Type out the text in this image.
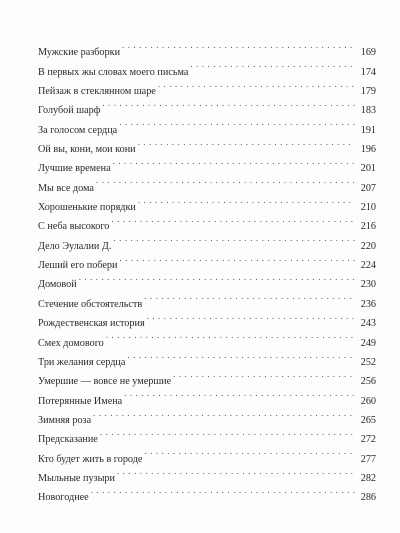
Мужские разборки . . .	169
В первых жы словах моего письма . . .	174
Пейзаж в стеклянном шаре . . .	179
Голубой шарф . . .	183
За голосом сердца . . .	191
Ой вы, кони, мои кони . . .	196
Лучшие времена . . .	201
Мы все дома . . .	207
Хорошенькие порядки . . .	210
С неба высокого . . .	216
Дело Эулалии Д. . . .	220
Леший его побери . . .	224
Домовой . . .	230
Стечение обстоятельств . . .	236
Рождественская история . . .	243
Смех домового . . .	249
Три желания сердца . . .	252
Умершие — вовсе не умершие . . .	256
Потерянные Имена . . .	260
Зимняя роза . . .	265
Предсказание . . .	272
Кто будет жить в городе . . .	277
Мыльные пузыри . . .	282
Новогоднее . . .	286
